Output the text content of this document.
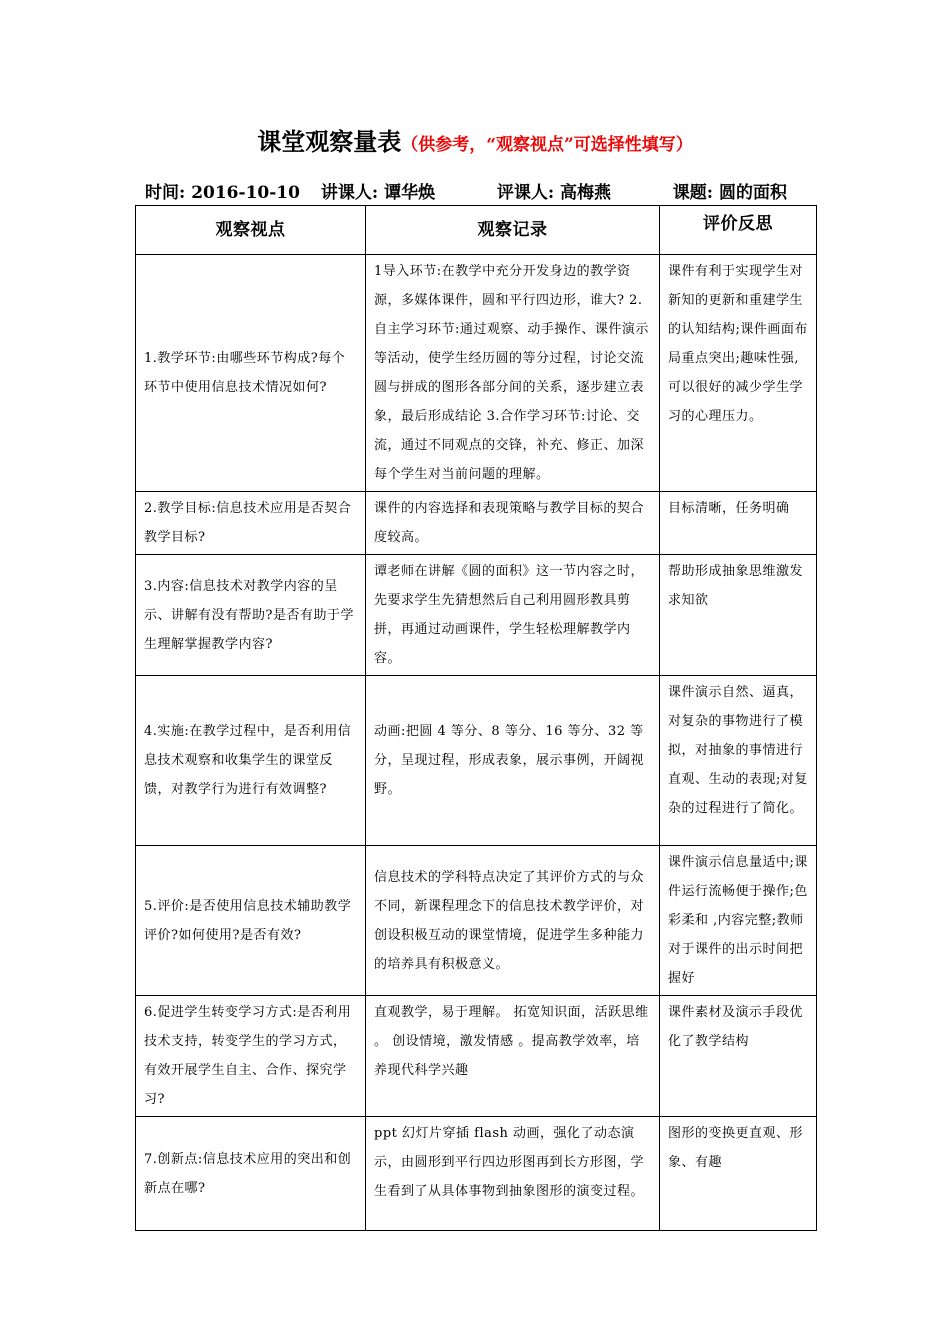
课堂观察量表（供参考，“观察视点”可选择性填写）
时间: 2016-10-10 讲课人: 谭华焕	评课人: 高梅燕	课题: 圆的面积
观察视点	观察记录	评价反思
1.教学环节:由哪些环节构成?每个环节中使用信息技术情况如何?	1导入环节:在教学中充分开发身边的教学资源，多媒体课件，圆和平行四边形，谁大? 2. 自主学习环节:通过观察、动手操作、课件演示等活动，使学生经历圆的等分过程，讨论交流圆与拼成的图形各部分间的关系，逐步建立表象，最后形成结论 3.合作学习环节:讨论、交流，通过不同观点的交锋，补充、修正、加深每个学生对当前问题的理解。	课件有利于实现学生对新知的更新和重建学生的认知结构;课件画面布局重点突出;趣味性强,可以很好的减少学生学习的心理压力。
2.教学目标:信息技术应用是否契合教学目标?	课件的内容选择和表现策略与教学目标的契合度较高。	目标清晰，任务明确
3.内容:信息技术对教学内容的呈示、讲解有没有帮助?是否有助于学生理解掌握教学内容?	谭老师在讲解《圆的面积》这一节内容之时，先要求学生先猜想然后自己利用圆形教具剪拼，再通过动画课件，学生轻松理解教学内容。	帮助形成抽象思维激发求知欲
4.实施:在教学过程中，是否利用信息技术观察和收集学生的课堂反馈，对教学行为进行有效调整?	动画:把圆 4 等分、8 等分、16 等分、32 等分，呈现过程，形成表象，展示事例，开阔视野。	课件演示自然、逼真，对复杂的事物进行了模拟，对抽象的事情进行直观、生动的表现;对复杂的过程进行了简化。
5.评价:是否使用信息技术辅助教学评价?如何使用?是否有效?	信息技术的学科特点决定了其评价方式的与众不同，新课程理念下的信息技术教学评价，对创设积极互动的课堂情境，促进学生多种能力的培养具有积极意义。	课件演示信息量适中;课件运行流畅便于操作;色彩柔和 ,内容完整;教师对于课件的出示时间把握好
6.促进学生转变学习方式:是否利用技术支持，转变学生的学习方式，有效开展学生自主、合作、探究学习?	直观教学，易于理解。 拓宽知识面，活跃思维 。 创设情境，激发情感 。提高教学效率，培养现代科学兴趣	课件素材及演示手段优化了教学结构
7.创新点:信息技术应用的突出和创新点在哪?	ppt 幻灯片穿插 flash 动画，强化了动态演示，由圆形到平行四边形图再到长方形图，学生看到了从具体事物到抽象图形的演变过程。	图形的变换更直观、形象、有趣
